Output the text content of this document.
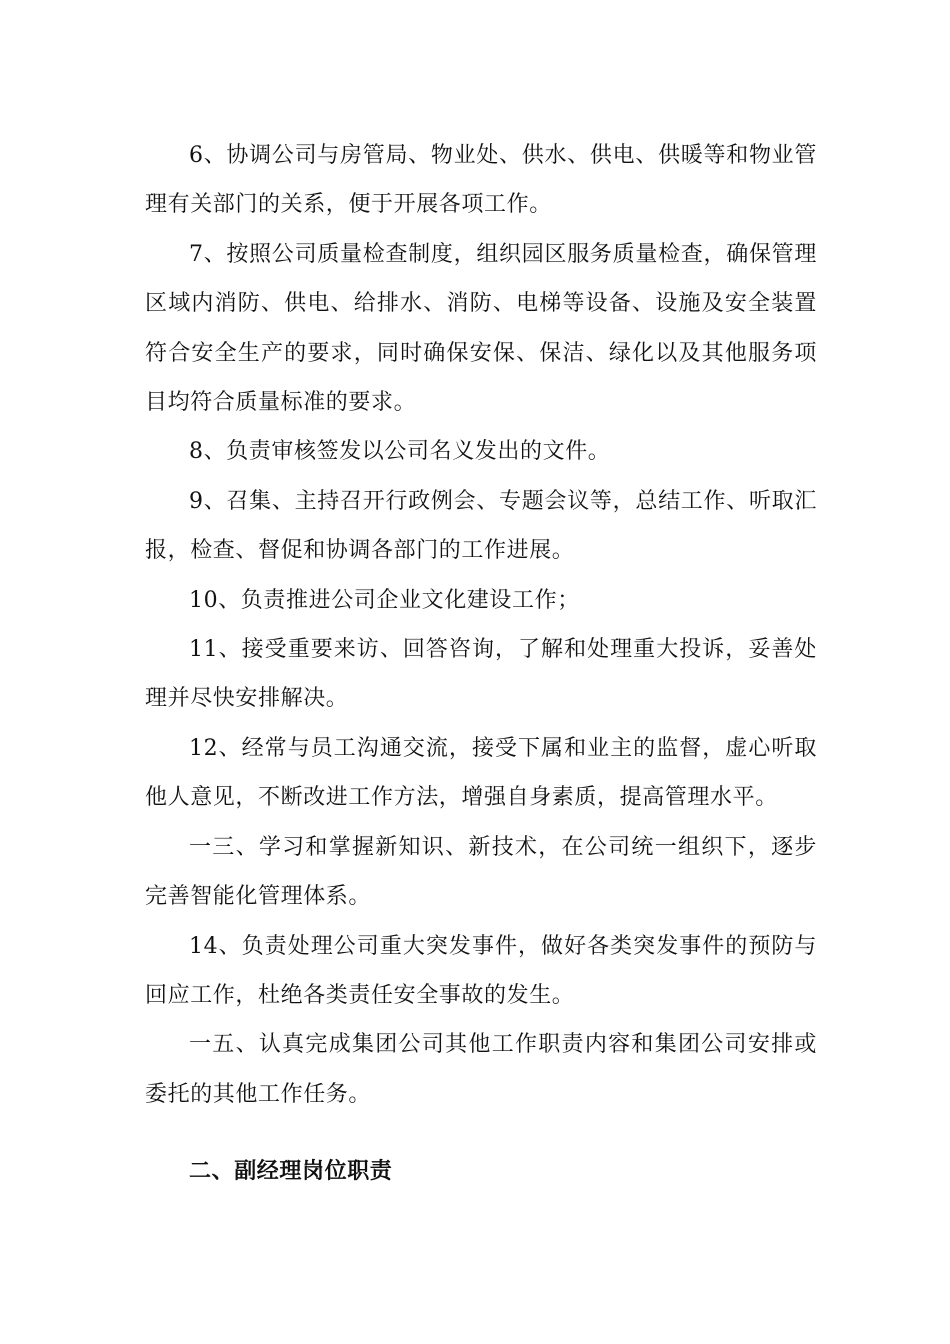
6、协调公司与房管局、物业处、供水、供电、供暖等和物业管理有关部门的关系，便于开展各项工作。

7、按照公司质量检查制度，组织园区服务质量检查，确保管理区域内消防、供电、给排水、消防、电梯等设备、设施及安全装置符合安全生产的要求，同时确保安保、保洁、绿化以及其他服务项目均符合质量标准的要求。

8、负责审核签发以公司名义发出的文件。

9、召集、主持召开行政例会、专题会议等，总结工作、听取汇报，检查、督促和协调各部门的工作进展。

10、负责推进公司企业文化建设工作；

11、接受重要来访、回答咨询，了解和处理重大投诉，妥善处理并尽快安排解决。

12、经常与员工沟通交流，接受下属和业主的监督，虚心听取他人意见，不断改进工作方法，增强自身素质，提高管理水平。

一三、学习和掌握新知识、新技术，在公司统一组织下，逐步完善智能化管理体系。

14、负责处理公司重大突发事件，做好各类突发事件的预防与回应工作，杜绝各类责任安全事故的发生。

一五、认真完成集团公司其他工作职责内容和集团公司安排或委托的其他工作任务。

二、副经理岗位职责
